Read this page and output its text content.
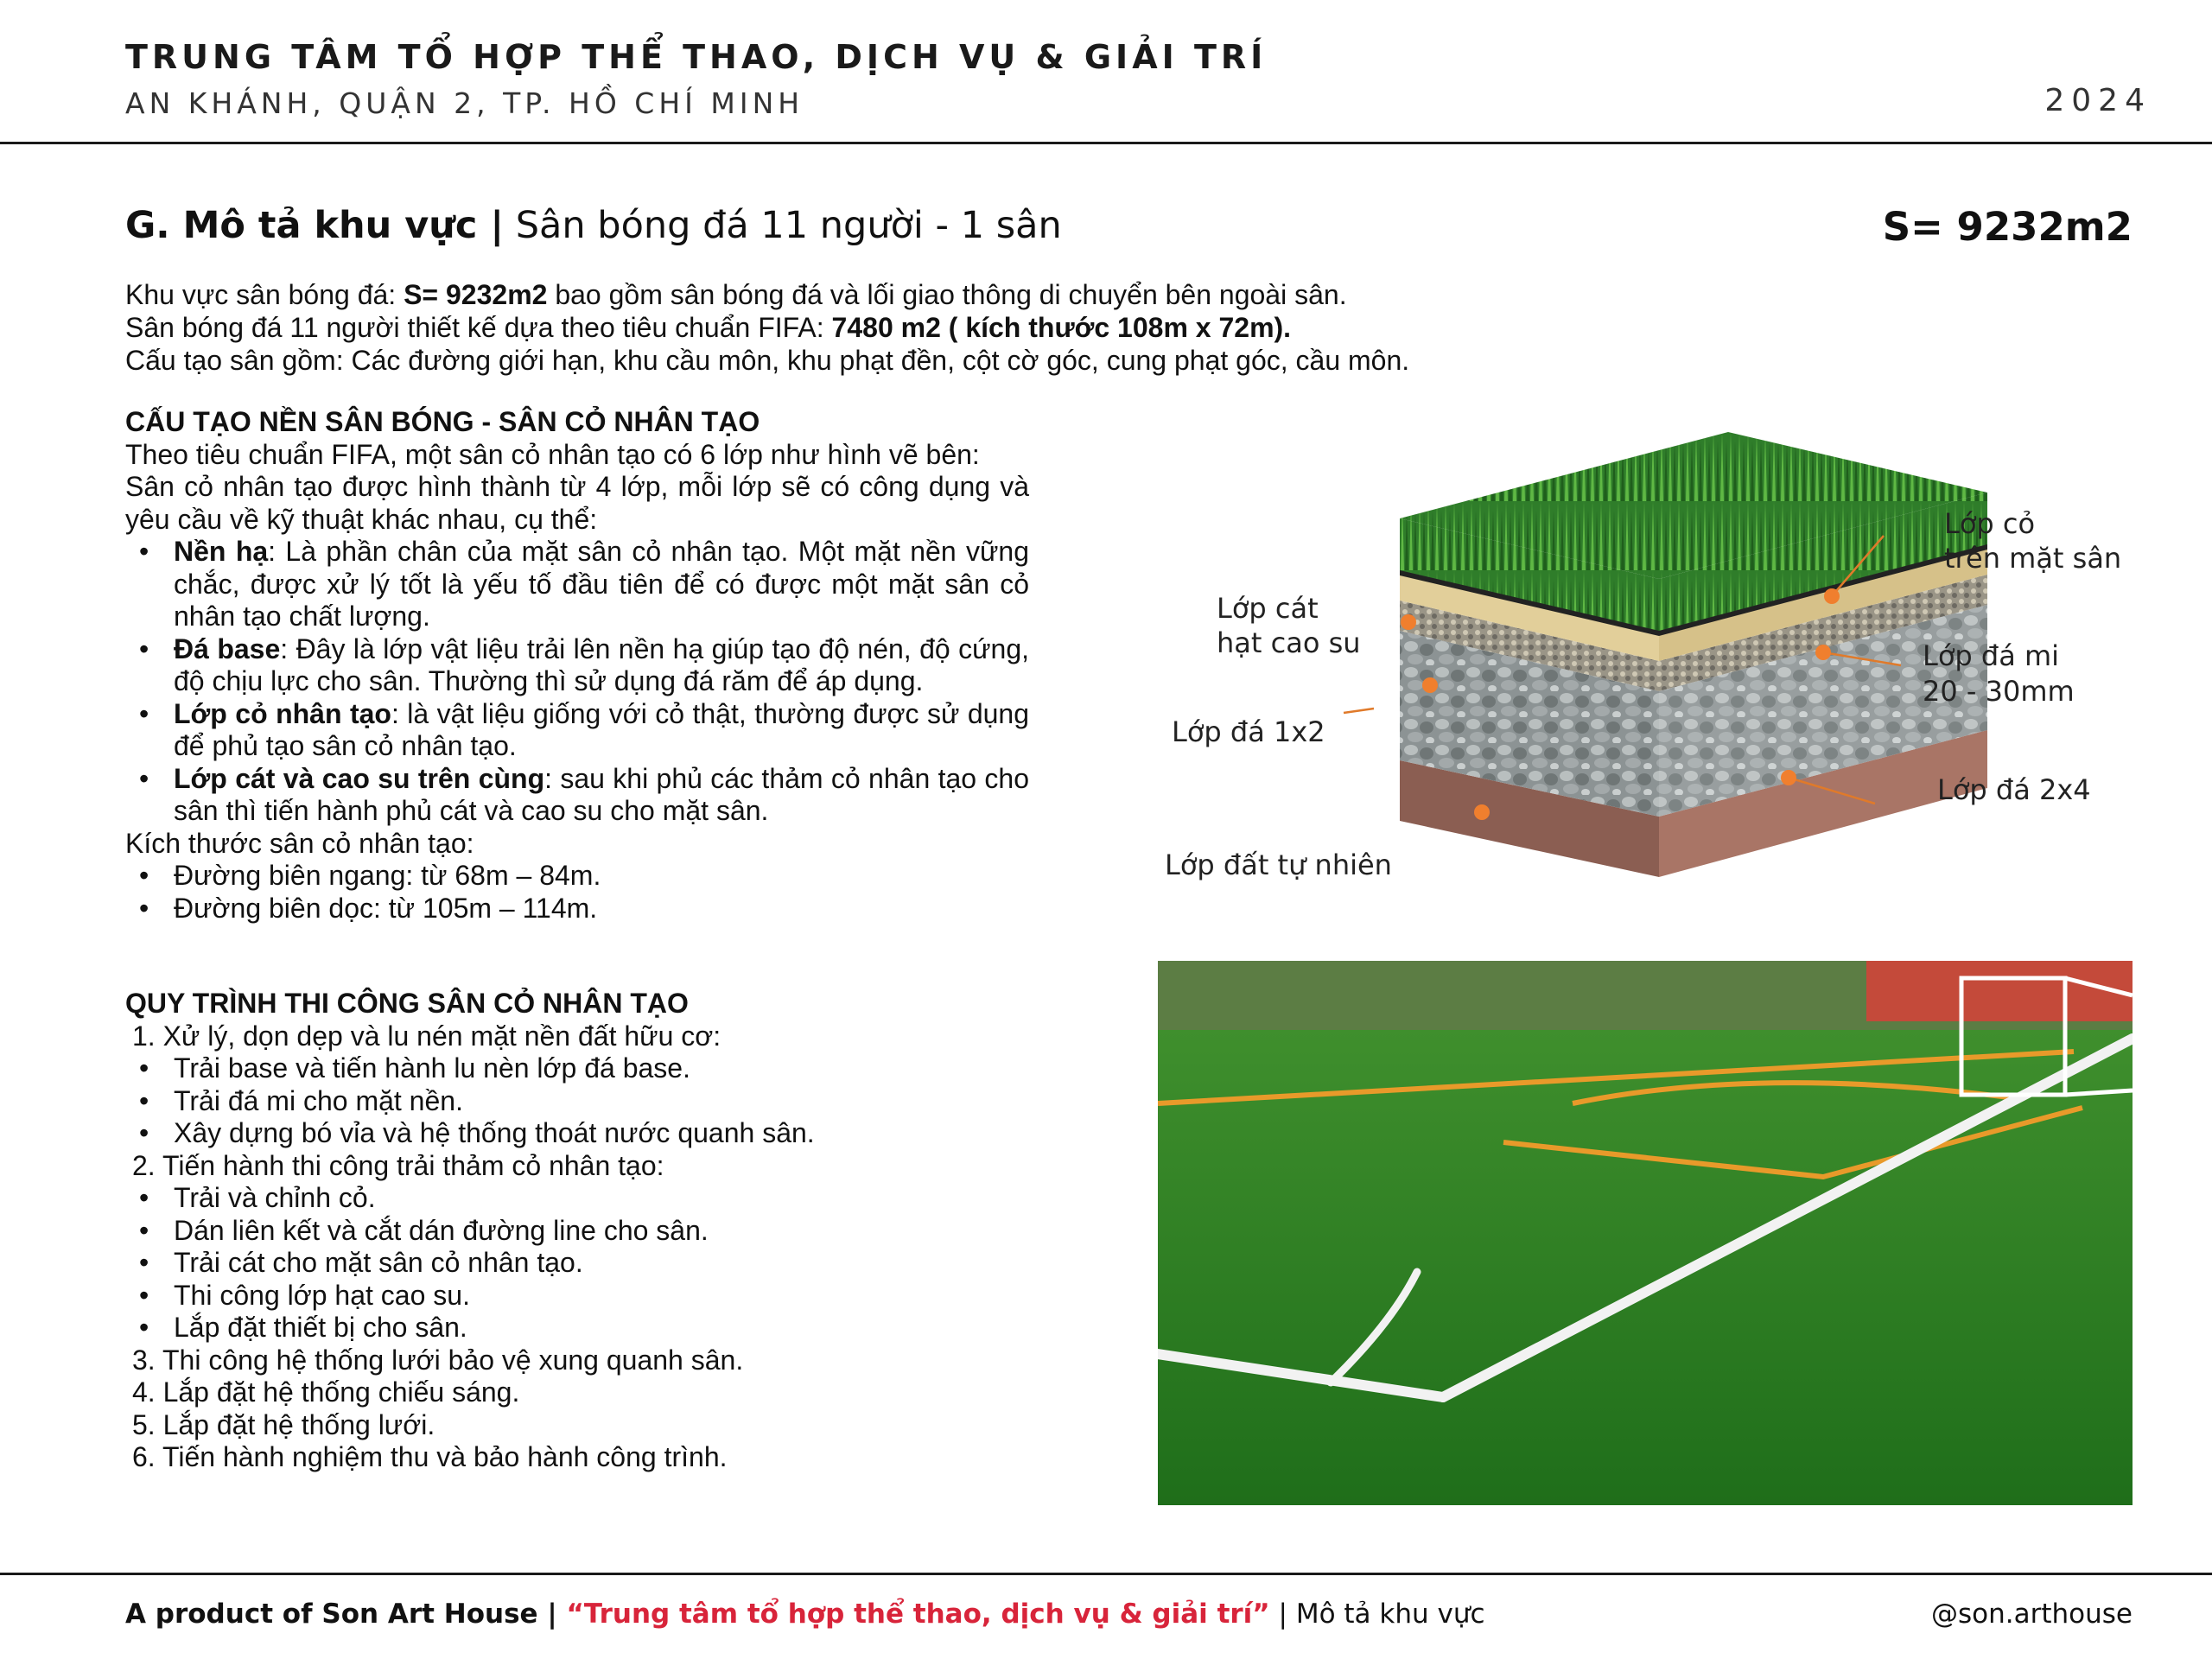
TRUNG TÂM TỔ HỢP THỂ THAO, DỊCH VỤ & GIẢI TRÍ
AN KHÁNH, QUẬN 2, TP. HỒ CHÍ MINH	2024
G. Mô tả khu vực | Sân bóng đá 11 người - 1 sân	S= 9232m2

Khu vực sân bóng đá: S= 9232m2 bao gồm sân bóng đá và lối giao thông di chuyển bên ngoài sân.

Sân bóng đá 11 người thiết kế dựa theo tiêu chuẩn FIFA: 7480 m2 ( kích thước 108m x 72m).

Cấu tạo sân gồm: Các đường giới hạn, khu cầu môn, khu phạt đền, cột cờ góc, cung phạt góc, cầu môn.

CẤU TẠO NỀN SÂN BÓNG - SÂN CỎ NHÂN TẠO

Theo tiêu chuẩn FIFA, một sân cỏ nhân tạo có 6 lớp như hình vẽ bên:

Sân cỏ nhân tạo được hình thành từ 4 lớp, mỗi lớp sẽ có công dụng và yêu cầu về kỹ thuật khác nhau, cụ thể:

• Nền hạ: Là phần chân của mặt sân cỏ nhân tạo. Một mặt nền vững chắc, được xử lý tốt là yếu tố đầu tiên để có được một mặt sân cỏ nhân tạo chất lượng.
• Đá base: Đây là lớp vật liệu trải lên nền hạ giúp tạo độ nén, độ cứng, độ chịu lực cho sân. Thường thì sử dụng đá răm để áp dụng.
• Lớp cỏ nhân tạo: là vật liệu giống với cỏ thật, thường được sử dụng để phủ tạo sân cỏ nhân tạo.
• Lớp cát và cao su trên cùng: sau khi phủ các thảm cỏ nhân tạo cho sân thì tiến hành phủ cát và cao su cho mặt sân.

Kích thước sân cỏ nhân tạo:

• Đường biên ngang: từ 68m – 84m.
• Đường biên dọc: từ 105m – 114m.

QUY TRÌNH THI CÔNG SÂN CỎ NHÂN TẠO

1. Xử lý, dọn dẹp và lu nén mặt nền đất hữu cơ:

• Trải base và tiến hành lu nèn lớp đá base.
• Trải đá mi cho mặt nền.
• Xây dựng bó vỉa và hệ thống thoát nước quanh sân.

2. Tiến hành thi công trải thảm cỏ nhân tạo:

• Trải và chỉnh cỏ.
• Dán liên kết và cắt dán đường line cho sân.
• Trải cát cho mặt sân cỏ nhân tạo.
• Thi công lớp hạt cao su.
• Lắp đặt thiết bị cho sân.

3. Thi công hệ thống lưới bảo vệ xung quanh sân.

4. Lắp đặt hệ thống chiếu sáng.

5. Lắp đặt hệ thống lưới.

6. Tiến hành nghiệm thu và bảo hành công trình.

Lớp cỏ
trên mặt sân
Lớp cát
hạt cao su	Lớp đá mi
20 - 30mm
Lớp đá 1x2
Lớp đá 2x4
Lớp đất tự nhiên
A product of Son Art House | “Trung tâm tổ hợp thể thao, dịch vụ & giải trí” | Mô tả khu vực	@son.arthouse
